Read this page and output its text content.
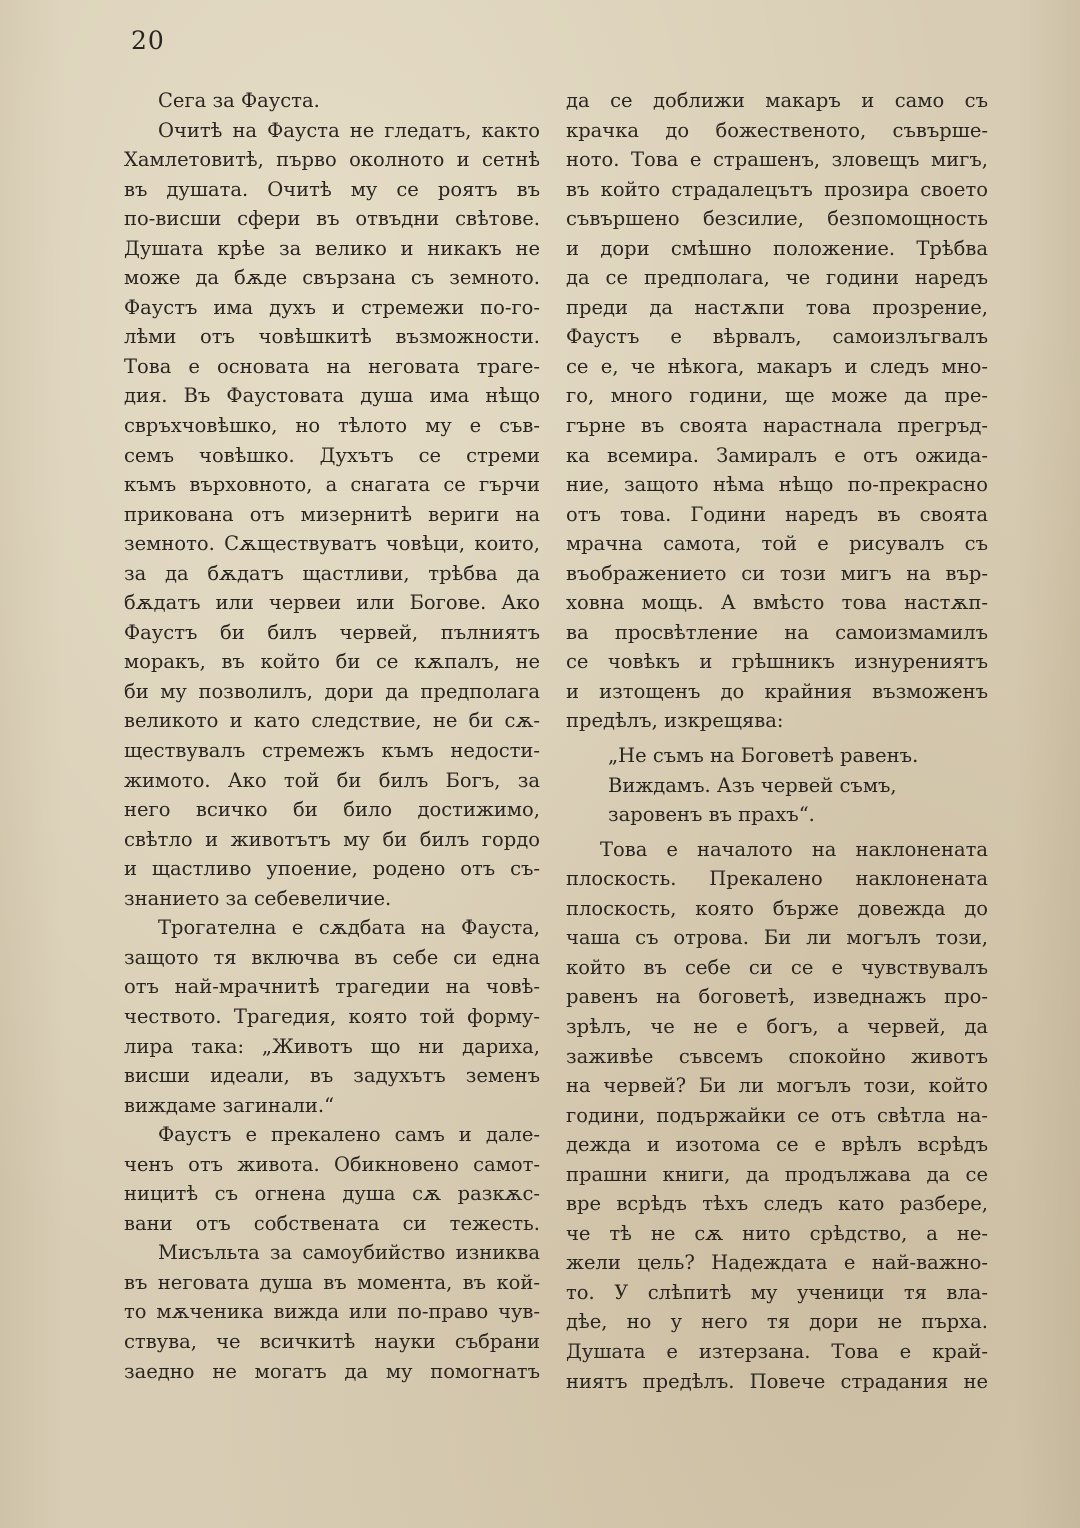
20
Сега за Фауста.
Очитѣ на Фауста не гледатъ, както
Хамлетовитѣ, първо околното и сетнѣ
въ душата. Очитѣ му се роятъ въ
по-висши сфери въ отвъдни свѣтове.
Душата крѣе за велико и никакъ не
може да бѫде свързана съ земното.
Фаустъ има духъ и стремежи по-го-
лѣми отъ човѣшкитѣ възможности.
Това е основата на неговата траге-
дия. Въ Фаустовата душа има нѣщо
свръхчовѣшко, но тѣлото му е съв-
семъ човѣшко. Духътъ се стреми
къмъ върховното, а снагата се гърчи
прикована отъ мизернитѣ вериги на
земното. Сѫществуватъ човѣци, които,
за да бѫдатъ щастливи, трѣбва да
бѫдатъ или червеи или Богове. Ако
Фаустъ би билъ червей, пълниятъ
моракъ, въ който би се кѫпалъ, не
би му позволилъ, дори да предполага
великото и като следствие, не би сѫ-
ществувалъ стремежъ къмъ недости-
жимото. Ако той би билъ Богъ, за
него всичко би било достижимо,
свѣтло и животътъ му би билъ гордо
и щастливо упоение, родено отъ съ-
знанието за себевеличие.
Трогателна е сѫдбата на Фауста,
защото тя включва въ себе си една
отъ най-мрачнитѣ трагедии на човѣ-
чеството. Трагедия, която той форму-
лира така: „Животъ що ни дариха,
висши идеали, въ задухътъ земенъ
виждаме загинали.“
Фаустъ е прекалено самъ и дале-
ченъ отъ живота. Обикновено самот-
ницитѣ съ огнена душа сѫ разкѫс-
вани отъ собствената си тежесть.
Мисъльта за самоубийство изниква
въ неговата душа въ момента, въ кой-
то мѫченика вижда или по-право чув-
ствува, че всичкитѣ науки събрани
заедно не могатъ да му помогнатъ
да се доближи макаръ и само съ
крачка до божественото, съвърше-
ното. Това е страшенъ, зловещъ мигъ,
въ който страдалецътъ прозира своето
съвършено безсилие, безпомощность
и дори смѣшно положение. Трѣбва
да се предполага, че години наредъ
преди да настѫпи това прозрение,
Фаустъ е вѣрвалъ, самоизлъгвалъ
се е, че нѣкога, макаръ и следъ мно-
го, много години, ще може да пре-
гърне въ своята нарастнала прегръд-
ка всемира. Замиралъ е отъ ожида-
ние, защото нѣма нѣщо по-прекрасно
отъ това. Години наредъ въ своята
мрачна самота, той е рисувалъ съ
въображението си този мигъ на вър-
ховна мощь. А вмѣсто това настѫп-
ва просвѣтление на самоизмамилъ
се човѣкъ и грѣшникъ изнурениятъ
и изтощенъ до крайния възможенъ
предѣлъ, изкрещява:
„Не съмъ на Боговетѣ равенъ.
Виждамъ. Азъ червей съмъ,
заровенъ въ прахъ“.
Това е началото на наклонената
плоскость. Прекалено наклонената
плоскость, която бърже довежда до
чаша съ отрова. Би ли могълъ този,
който въ себе си се е чувствувалъ
равенъ на боговетѣ, изведнажъ про-
зрѣлъ, че не е богъ, а червей, да
заживѣе съвсемъ спокойно животъ
на червей? Би ли могълъ този, който
години, подържайки се отъ свѣтла на-
дежда и изотома се е врѣлъ всрѣдъ
прашни книги, да продължава да се
вре всрѣдъ тѣхъ следъ като разбере,
че тѣ не сѫ нито срѣдство, а не-
жели цель? Надеждата е най-важно-
то. У слѣпитѣ му ученици тя вла-
дѣе, но у него тя дори не пърха.
Душата е изтерзана. Това е край-
ниятъ предѣлъ. Повече страдания не
